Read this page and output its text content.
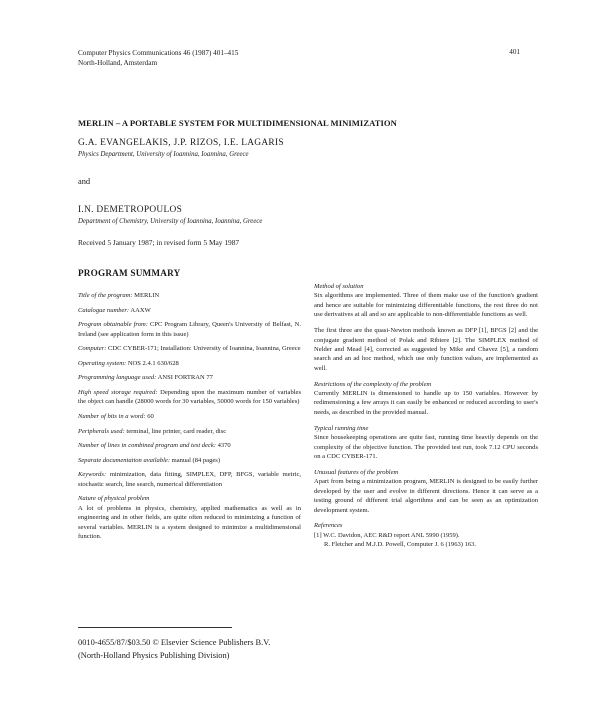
Computer Physics Communications 46 (1987) 401–415
North-Holland, Amsterdam
401
MERLIN – A PORTABLE SYSTEM FOR MULTIDIMENSIONAL MINIMIZATION
G.A. EVANGELAKIS, J.P. RIZOS, I.E. LAGARIS
Physics Department, University of Ioannina, Ioannina, Greece
and
I.N. DEMETROPOULOS
Department of Chemistry, University of Ioannina, Ioannina, Greece
Received 5 January 1987; in revised form 5 May 1987
PROGRAM SUMMARY

Title of the program: MERLIN

Catalogue number: AAXW

Program obtainable from: CPC Program Library, Queen's University of Belfast, N. Ireland (see application form in this issue)

Computer: CDC CYBER-171; Installation: University of Ioannina, Ioannina, Greece

Operating system: NOS 2.4.1 630/628

Programming language used: ANSI FORTRAN 77

High speed storage required: Depending upon the maximum number of variables the object can handle (28000 words for 30 variables, 50000 words for 150 variables)

Number of bits in a word: 60

Peripherals used: terminal, line printer, card reader, disc

Number of lines in combined program and test deck: 4370

Separate documentation available: manual (84 pages)

Keywords: minimization, data fitting, SIMPLEX, DFP, BFGS, variable metric, stochastic search, line search, numerical differentiation

Nature of physical problem
A lot of problems in physics, chemistry, applied mathematics as well as in engineering and in other fields, are quite often reduced to minimizing a function of several variables. MERLIN is a system designed to minimize a multidimensional function.
Method of solution

Six algorithms are implemented. Three of them make use of the function's gradient and hence are suitable for minimizing differentiable functions, the rest three do not use derivatives at all and so are applicable to non-differentiable functions as well.

The first three are the quasi-Newton methods known as DFP [1], BFGS [2] and the conjugate gradient method of Polak and Ribiere [2]. The SIMPLEX method of Nelder and Mead [4], corrected as suggested by Mike and Chavez [5], a random search and an ad hoc method, which use only function values, are implemented as well.

Restrictions of the complexity of the problem

Currently MERLIN is dimensioned to handle up to 150 variables. However by redimensioning a few arrays it can easily be enhanced or reduced according to user's needs, as described in the provided manual.

Typical running time

Since housekeeping operations are quite fast, running time heavily depends on the complexity of the objective function. The provided test run, took 7.12 CPU seconds on a CDC CYBER-171.

Unusual features of the problem

Apart from being a minimization program, MERLIN is designed to be easily further developed by the user and evolve in different directions. Hence it can serve as a testing ground of different trial algorithms and can be seen as an optimization development system.

References
[1] W.C. Davidon, AEC R&D report ANL 5990 (1959).
R. Fletcher and M.J.D. Powell, Computer J. 6 (1963) 163.
0010-4655/87/$03.50 © Elsevier Science Publishers B.V.
(North-Holland Physics Publishing Division)
